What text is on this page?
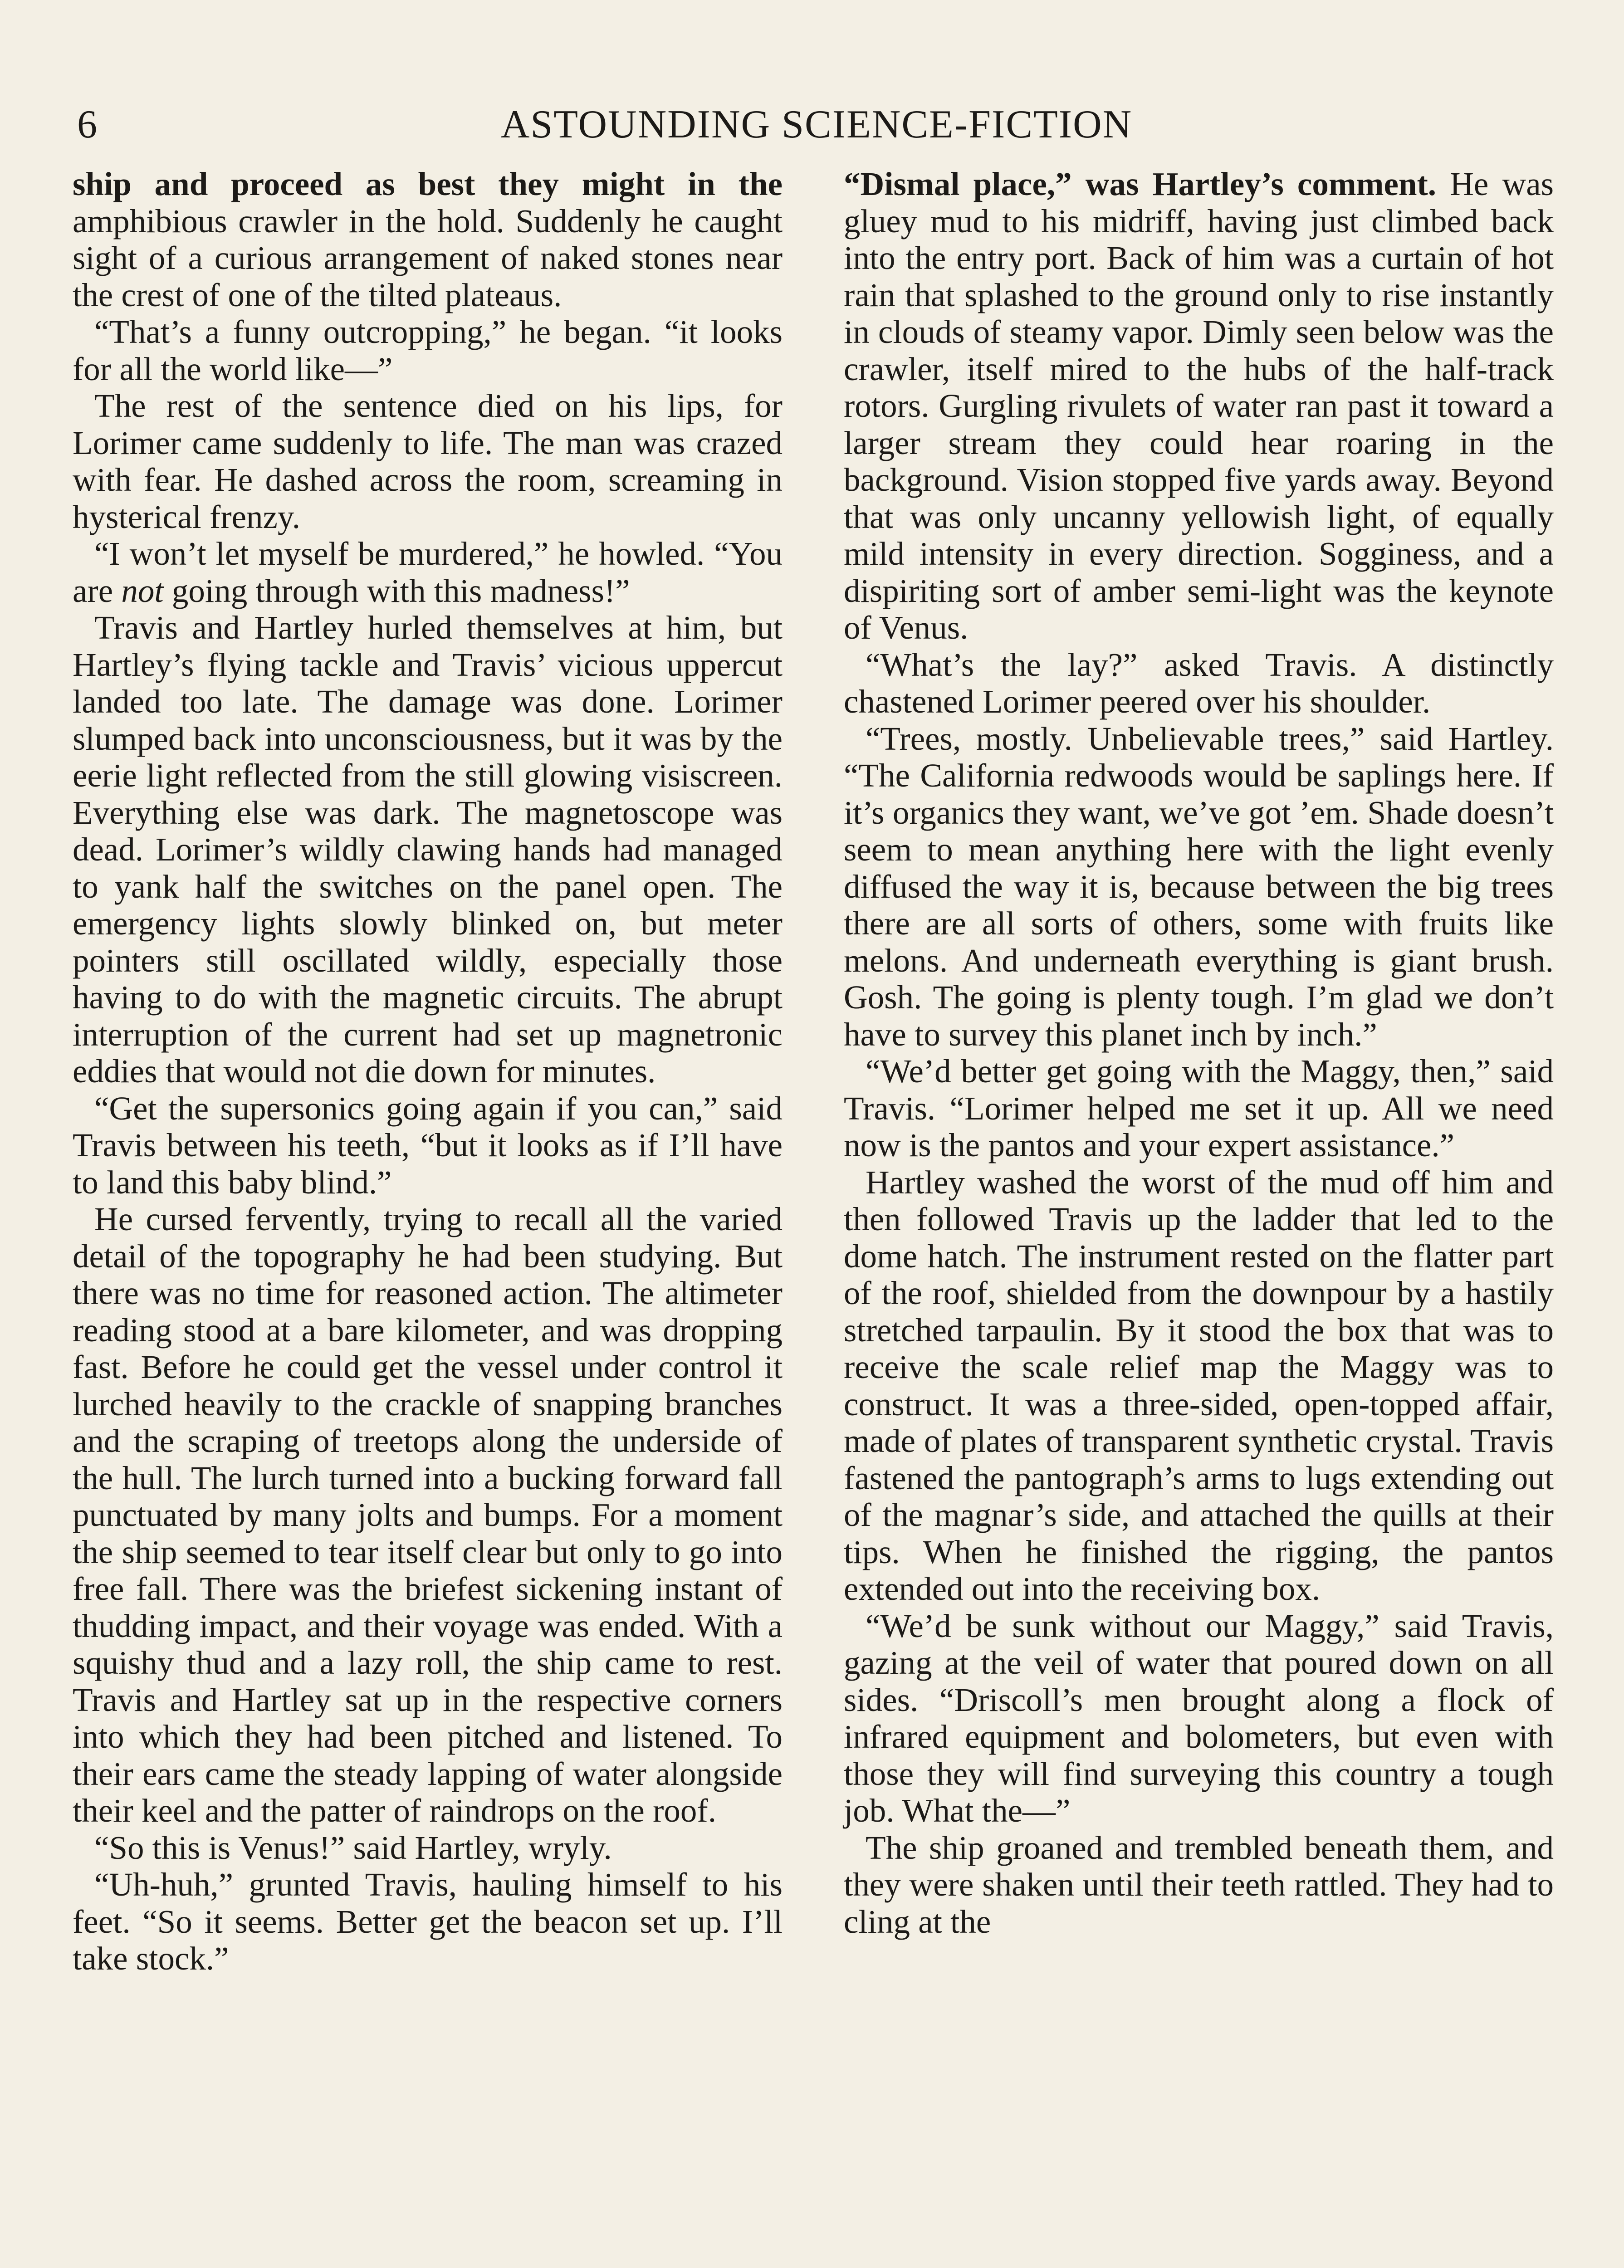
6	ASTOUNDING SCIENCE-FICTION

ship and proceed as best they might in the amphibious crawler in the hold. Suddenly he caught sight of a curious arrangement of naked stones near the crest of one of the tilted plateaus.

“That’s a funny outcropping,” he began. “it looks for all the world like—”

The rest of the sentence died on his lips, for Lorimer came suddenly to life. The man was crazed with fear. He dashed across the room, screaming in hysterical frenzy.

“I won’t let myself be murdered,” he howled. “You are not going through with this madness!”

Travis and Hartley hurled themselves at him, but Hartley’s flying tackle and Travis’ vicious uppercut landed too late. The damage was done. Lorimer slumped back into unconsciousness, but it was by the eerie light reflected from the still glowing visiscreen. Everything else was dark. The magnetoscope was dead. Lorimer’s wildly clawing hands had managed to yank half the switches on the panel open. The emergency lights slowly blinked on, but meter pointers still oscillated wildly, especially those having to do with the magnetic circuits. The abrupt interruption of the current had set up magnetronic eddies that would not die down for minutes.

“Get the supersonics going again if you can,” said Travis between his teeth, “but it looks as if I’ll have to land this baby blind.”

He cursed fervently, trying to recall all the varied detail of the topography he had been studying. But there was no time for reasoned action. The altimeter reading stood at a bare kilometer, and was dropping fast. Before he could get the vessel under control it lurched heavily to the crackle of snapping branches and the scraping of treetops along the underside of the hull. The lurch turned into a bucking forward fall punctuated by many jolts and bumps. For a moment the ship seemed to tear itself clear but only to go into free fall. There was the briefest sickening instant of thudding impact, and their voyage was ended. With a squishy thud and a lazy roll, the ship came to rest. Travis and Hartley sat up in the respective corners into which they had been pitched and listened. To their ears came the steady lapping of water alongside their keel and the patter of raindrops on the roof.

“So this is Venus!” said Hartley, wryly.

“Uh-huh,” grunted Travis, hauling himself to his feet. “So it seems. Better get the beacon set up. I’ll take stock.”

“Dismal place,” was Hartley’s comment. He was gluey mud to his midriff, having just climbed back into the entry port. Back of him was a curtain of hot rain that splashed to the ground only to rise instantly in clouds of steamy vapor. Dimly seen below was the crawler, itself mired to the hubs of the half-track rotors. Gurgling rivulets of water ran past it toward a larger stream they could hear roaring in the background. Vision stopped five yards away. Beyond that was only uncanny yellowish light, of equally mild intensity in every direction. Sogginess, and a dispiriting sort of amber semi-light was the keynote of Venus.

“What’s the lay?” asked Travis. A distinctly chastened Lorimer peered over his shoulder.

“Trees, mostly. Unbelievable trees,” said Hartley. “The California redwoods would be saplings here. If it’s organics they want, we’ve got ’em. Shade doesn’t seem to mean anything here with the light evenly diffused the way it is, because between the big trees there are all sorts of others, some with fruits like melons. And underneath everything is giant brush. Gosh. The going is plenty tough. I’m glad we don’t have to survey this planet inch by inch.”

“We’d better get going with the Maggy, then,” said Travis. “Lorimer helped me set it up. All we need now is the pantos and your expert assistance.”

Hartley washed the worst of the mud off him and then followed Travis up the ladder that led to the dome hatch. The instrument rested on the flatter part of the roof, shielded from the downpour by a hastily stretched tarpaulin. By it stood the box that was to receive the scale relief map the Maggy was to construct. It was a three-sided, open-topped affair, made of plates of transparent synthetic crystal. Travis fastened the pantograph’s arms to lugs extending out of the magnar’s side, and attached the quills at their tips. When he finished the rigging, the pantos extended out into the receiving box.

“We’d be sunk without our Maggy,” said Travis, gazing at the veil of water that poured down on all sides. “Driscoll’s men brought along a flock of infrared equipment and bolometers, but even with those they will find surveying this country a tough job. What the—”

The ship groaned and trembled beneath them, and they were shaken until their teeth rattled. They had to cling at the
